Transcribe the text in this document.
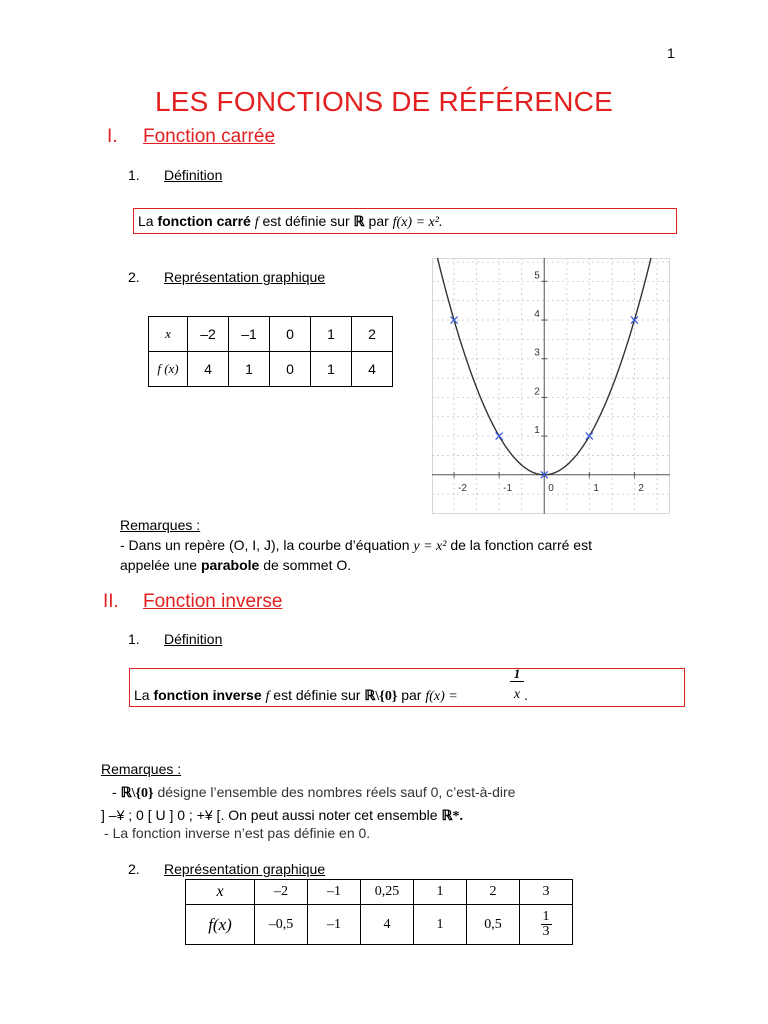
1
LES FONCTIONS DE RÉFÉRENCE
I. Fonction carrée
1. Définition
La fonction carré f est définie sur ℝ par f(x) = x².
2. Représentation graphique
x	–2	–1	0	1	2
f (x)	4	1	0	1	4
-2	-1	0	1	2
1
2
3
4
5
Remarques :
- Dans un repère (O, I, J), la courbe d’équation y = x² de la fonction carré est
appelée une parabole de sommet O.
II. Fonction inverse
1. Définition
La fonction inverse f est définie sur ℝ\{0} par f(x) =
1
x .
Remarques :
- ℝ\{0} désigne l’ensemble des nombres réels sauf 0, c’est-à-dire
] –¥ ; 0 [ U ] 0 ; +¥ [. On peut aussi noter cet ensemble ℝ*.
- La fonction inverse n’est pas définie en 0.
2. Représentation graphique
x	–2	–1	0,25	1	2	3
f(x)	–0,5	–1	4	1	0,5	$\frac{1}{3}$
